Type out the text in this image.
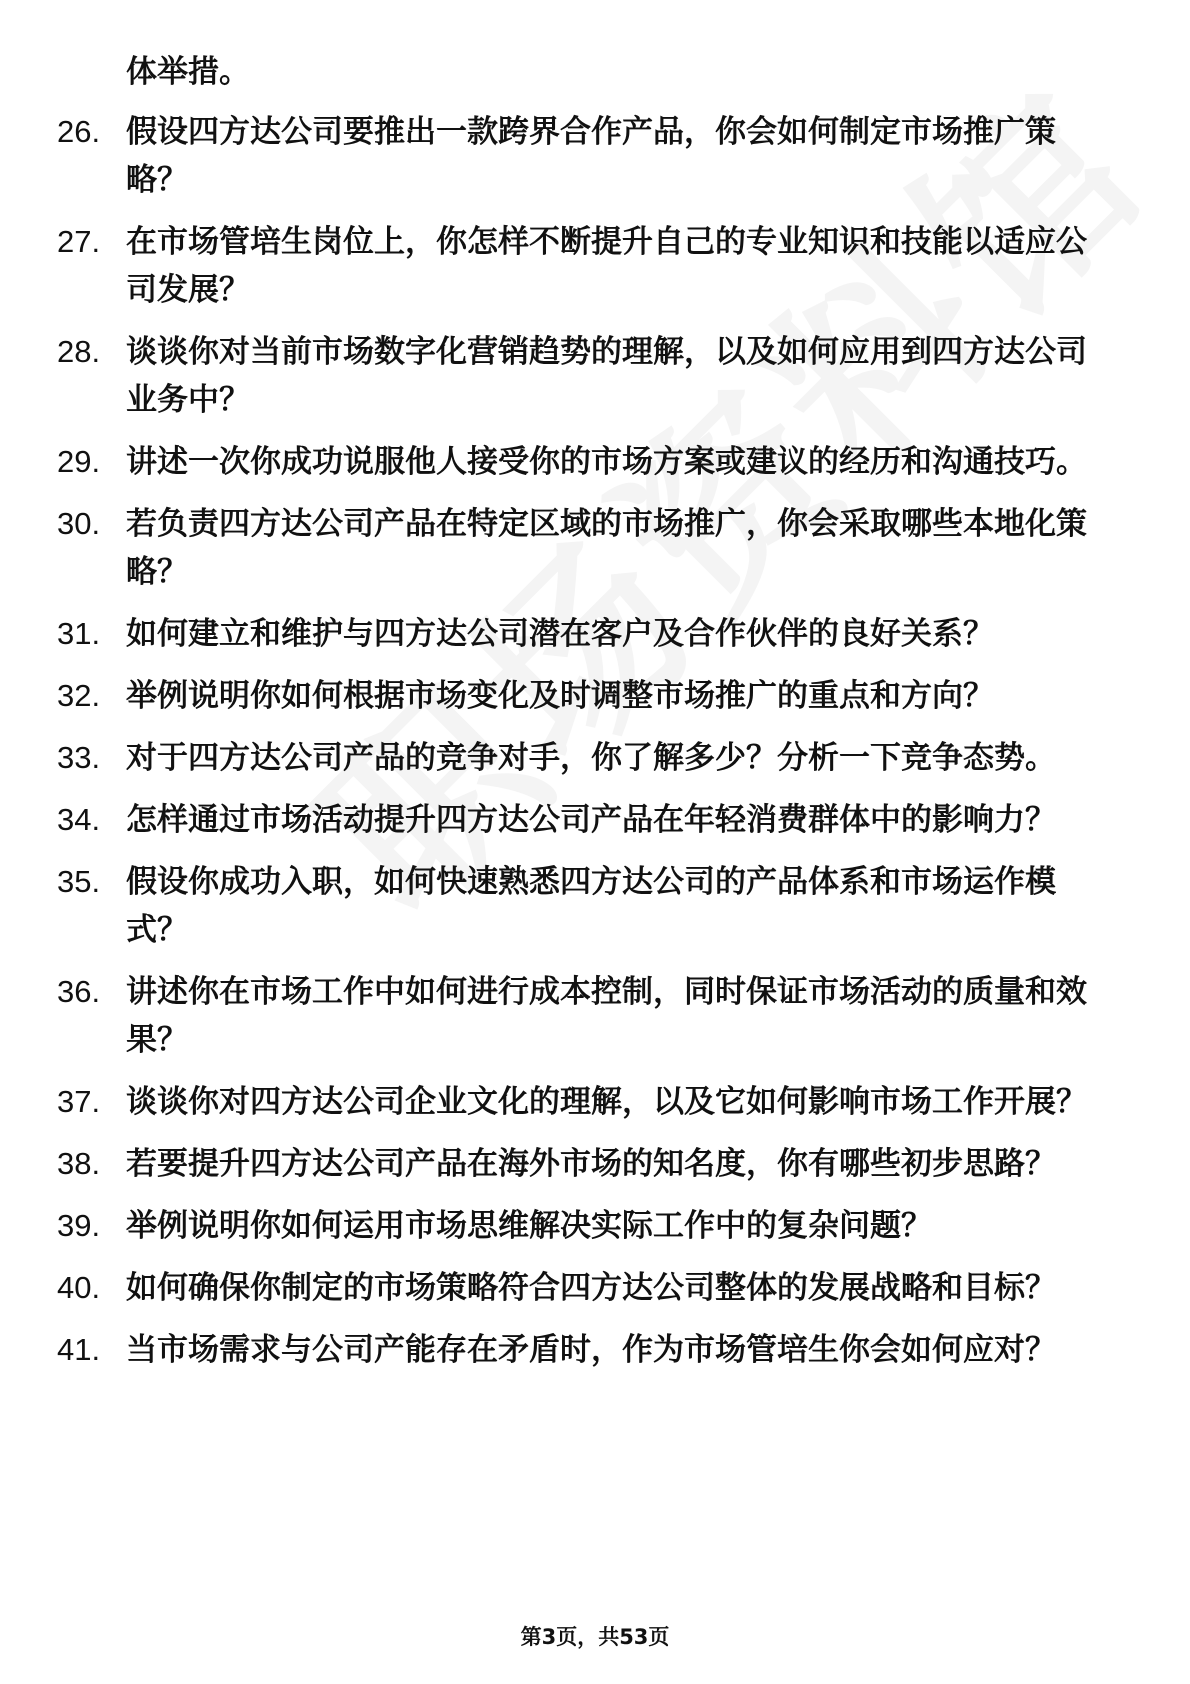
体举措。
26. 假设四方达公司要推出一款跨界合作产品，你会如何制定市场推广策略？
27. 在市场管培生岗位上，你怎样不断提升自己的专业知识和技能以适应公司发展？
28. 谈谈你对当前市场数字化营销趋势的理解，以及如何应用到四方达公司业务中？
29. 讲述一次你成功说服他人接受你的市场方案或建议的经历和沟通技巧。
30. 若负责四方达公司产品在特定区域的市场推广，你会采取哪些本地化策略？
31. 如何建立和维护与四方达公司潜在客户及合作伙伴的良好关系？
32. 举例说明你如何根据市场变化及时调整市场推广的重点和方向？
33. 对于四方达公司产品的竞争对手，你了解多少？分析一下竞争态势。
34. 怎样通过市场活动提升四方达公司产品在年轻消费群体中的影响力？
35. 假设你成功入职，如何快速熟悉四方达公司的产品体系和市场运作模式？
36. 讲述你在市场工作中如何进行成本控制，同时保证市场活动的质量和效果？
37. 谈谈你对四方达公司企业文化的理解，以及它如何影响市场工作开展？
38. 若要提升四方达公司产品在海外市场的知名度，你有哪些初步思路？
39. 举例说明你如何运用市场思维解决实际工作中的复杂问题？
40. 如何确保你制定的市场策略符合四方达公司整体的发展战略和目标？
41. 当市场需求与公司产能存在矛盾时，作为市场管培生你会如何应对？
第3页，共53页
